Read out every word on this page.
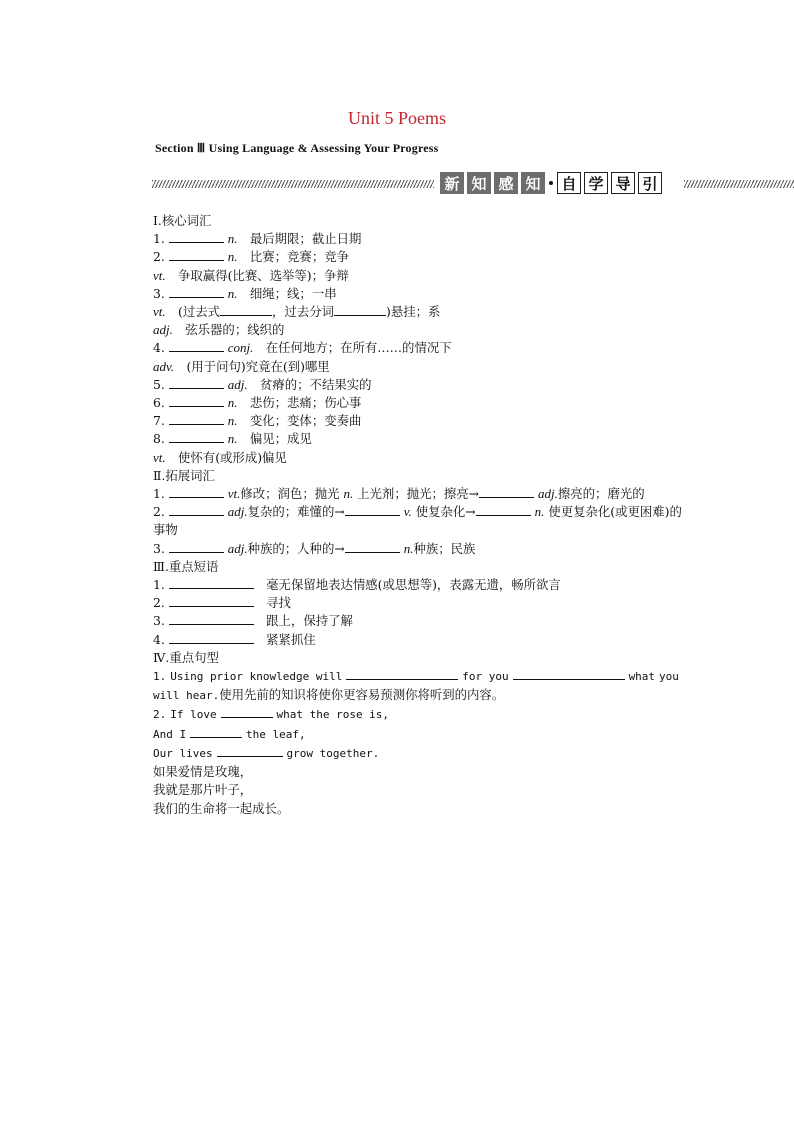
Unit 5 Poems
Section Ⅲ Using Language & Assessing Your Progress
新 知 感 知	自 学 导 引
Ⅰ.核心词汇
1.	n.　 最后期限；截止日期
2.	n.　 比赛；竞赛；竞争
vt.　 争取赢得(比赛、选举等)；争辩
3.	n.　 细绳；线；一串
vt.　 (过去式	，过去分词	)悬挂；系
adj.　 弦乐器的；线织的
4.	conj.　 在任何地方；在所有……的情况下
adv.　 (用于问句)究竟在(到)哪里
5.	adj.　 贫瘠的；不结果实的
6.	n.　 悲伤；悲痛；伤心事
7.	n.　 变化；变体；变奏曲
8.	n.　 偏见；成见
vt.　 使怀有(或形成)偏见
Ⅱ.拓展词汇
1.	vt.修改；润色；抛光 n. 上光剂；抛光；擦亮→	adj.擦亮的；磨光的
2.	adj.复杂的；难懂的→	v. 使复杂化→	n. 使更复杂化(或更困难)的事物
3.	adj.种族的；人种的→	n.种族；民族
Ⅲ.重点短语
1. 　	毫无保留地表达情感(或思想等)，表露无遗，畅所欲言
2. 　	寻找
3. 　	跟上，保持了解
4. 　	紧紧抓住
Ⅳ.重点句型
1. Using prior knowledge will	for you	what you will hear.使用先前的知识将使你更容易预测你将听到的内容。
2. If love	what the rose is,
And I	the leaf,
Our lives	grow together.
如果爱情是玫瑰，
我就是那片叶子，
我们的生命将一起成长。
